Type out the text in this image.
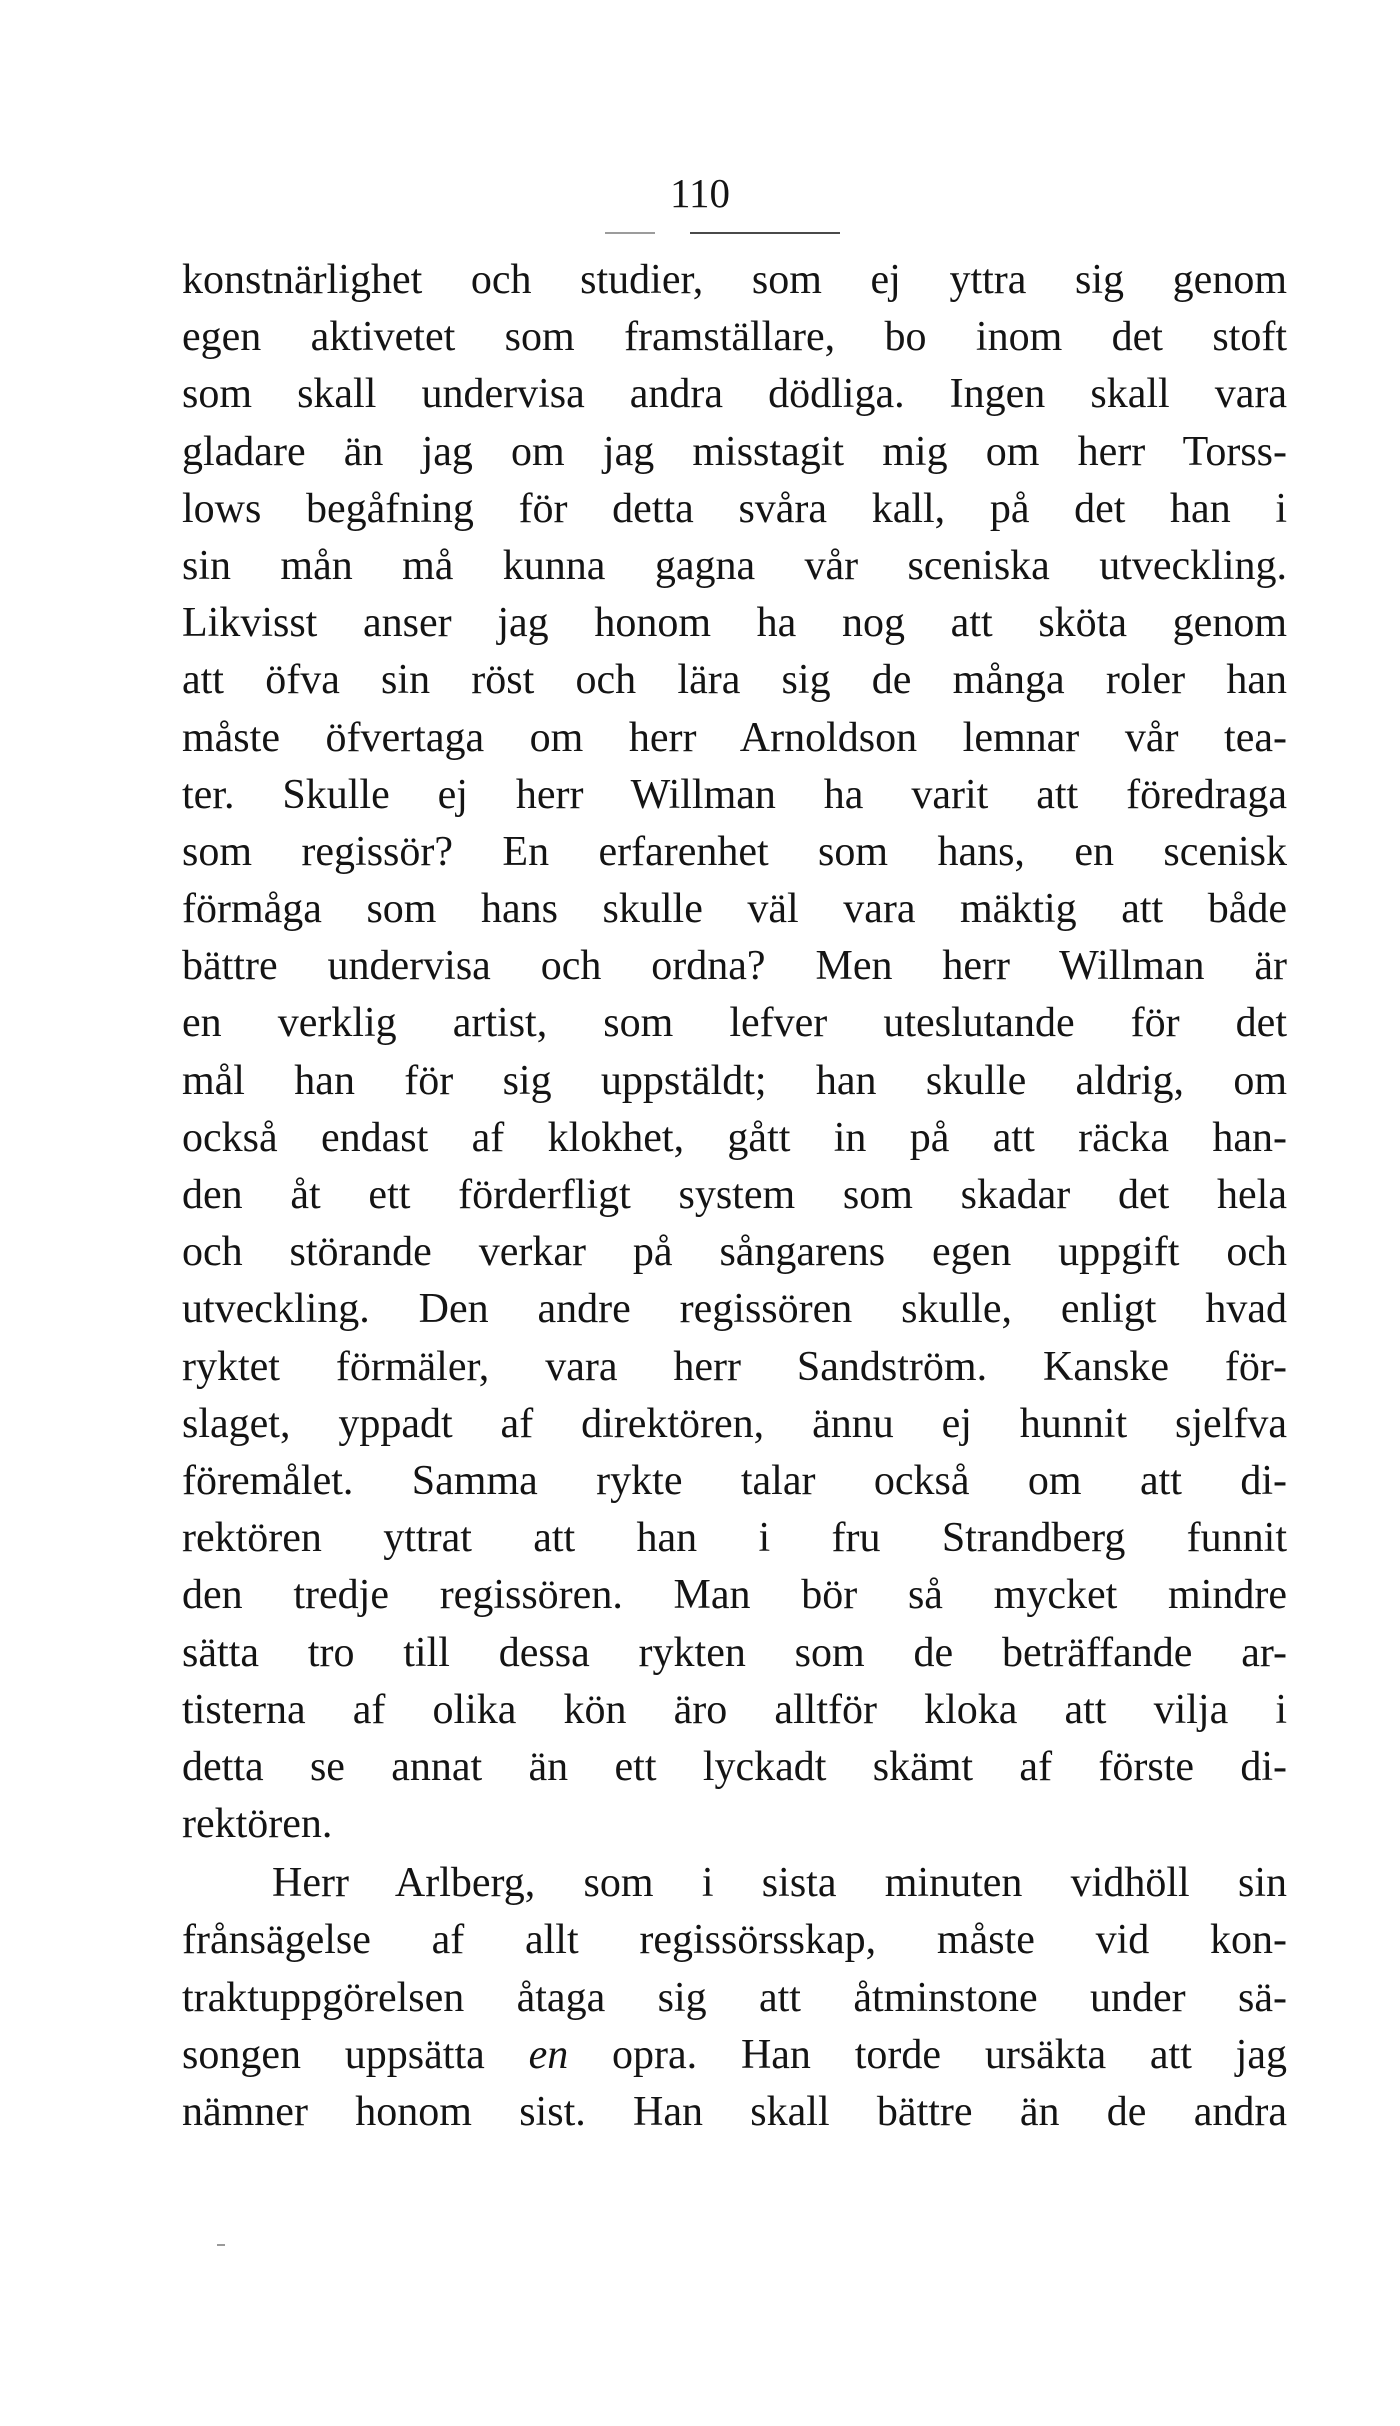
110
konstnärlighet och studier, som ej yttra sig genom
egen aktivetet som framställare, bo inom det stoft
som skall undervisa andra dödliga. Ingen skall vara
gladare än jag om jag misstagit mig om herr Torss-
lows begåfning för detta svåra kall, på det han i
sin mån må kunna gagna vår sceniska utveckling.
Likvisst anser jag honom ha nog att sköta genom
att öfva sin röst och lära sig de många roler han
måste öfvertaga om herr Arnoldson lemnar vår tea-
ter. Skulle ej herr Willman ha varit att föredraga
som regissör? En erfarenhet som hans, en scenisk
förmåga som hans skulle väl vara mäktig att både
bättre undervisa och ordna? Men herr Willman är
en verklig artist, som lefver uteslutande för det
mål han för sig uppstäldt; han skulle aldrig, om
också endast af klokhet, gått in på att räcka han-
den åt ett förderfligt system som skadar det hela
och störande verkar på sångarens egen uppgift och
utveckling. Den andre regissören skulle, enligt hvad
ryktet förmäler, vara herr Sandström. Kanske för-
slaget, yppadt af direktören, ännu ej hunnit sjelfva
föremålet. Samma rykte talar också om att di-
rektören yttrat att han i fru Strandberg funnit
den tredje regissören. Man bör så mycket mindre
sätta tro till dessa rykten som de beträffande ar-
tisterna af olika kön äro alltför kloka att vilja i
detta se annat än ett lyckadt skämt af förste di-
rektören.
Herr Arlberg, som i sista minuten vidhöll sin
frånsägelse af allt regissörsskap, måste vid kon-
traktuppgörelsen åtaga sig att åtminstone under sä-
songen uppsätta en opra. Han torde ursäkta att jag
nämner honom sist. Han skall bättre än de andra
